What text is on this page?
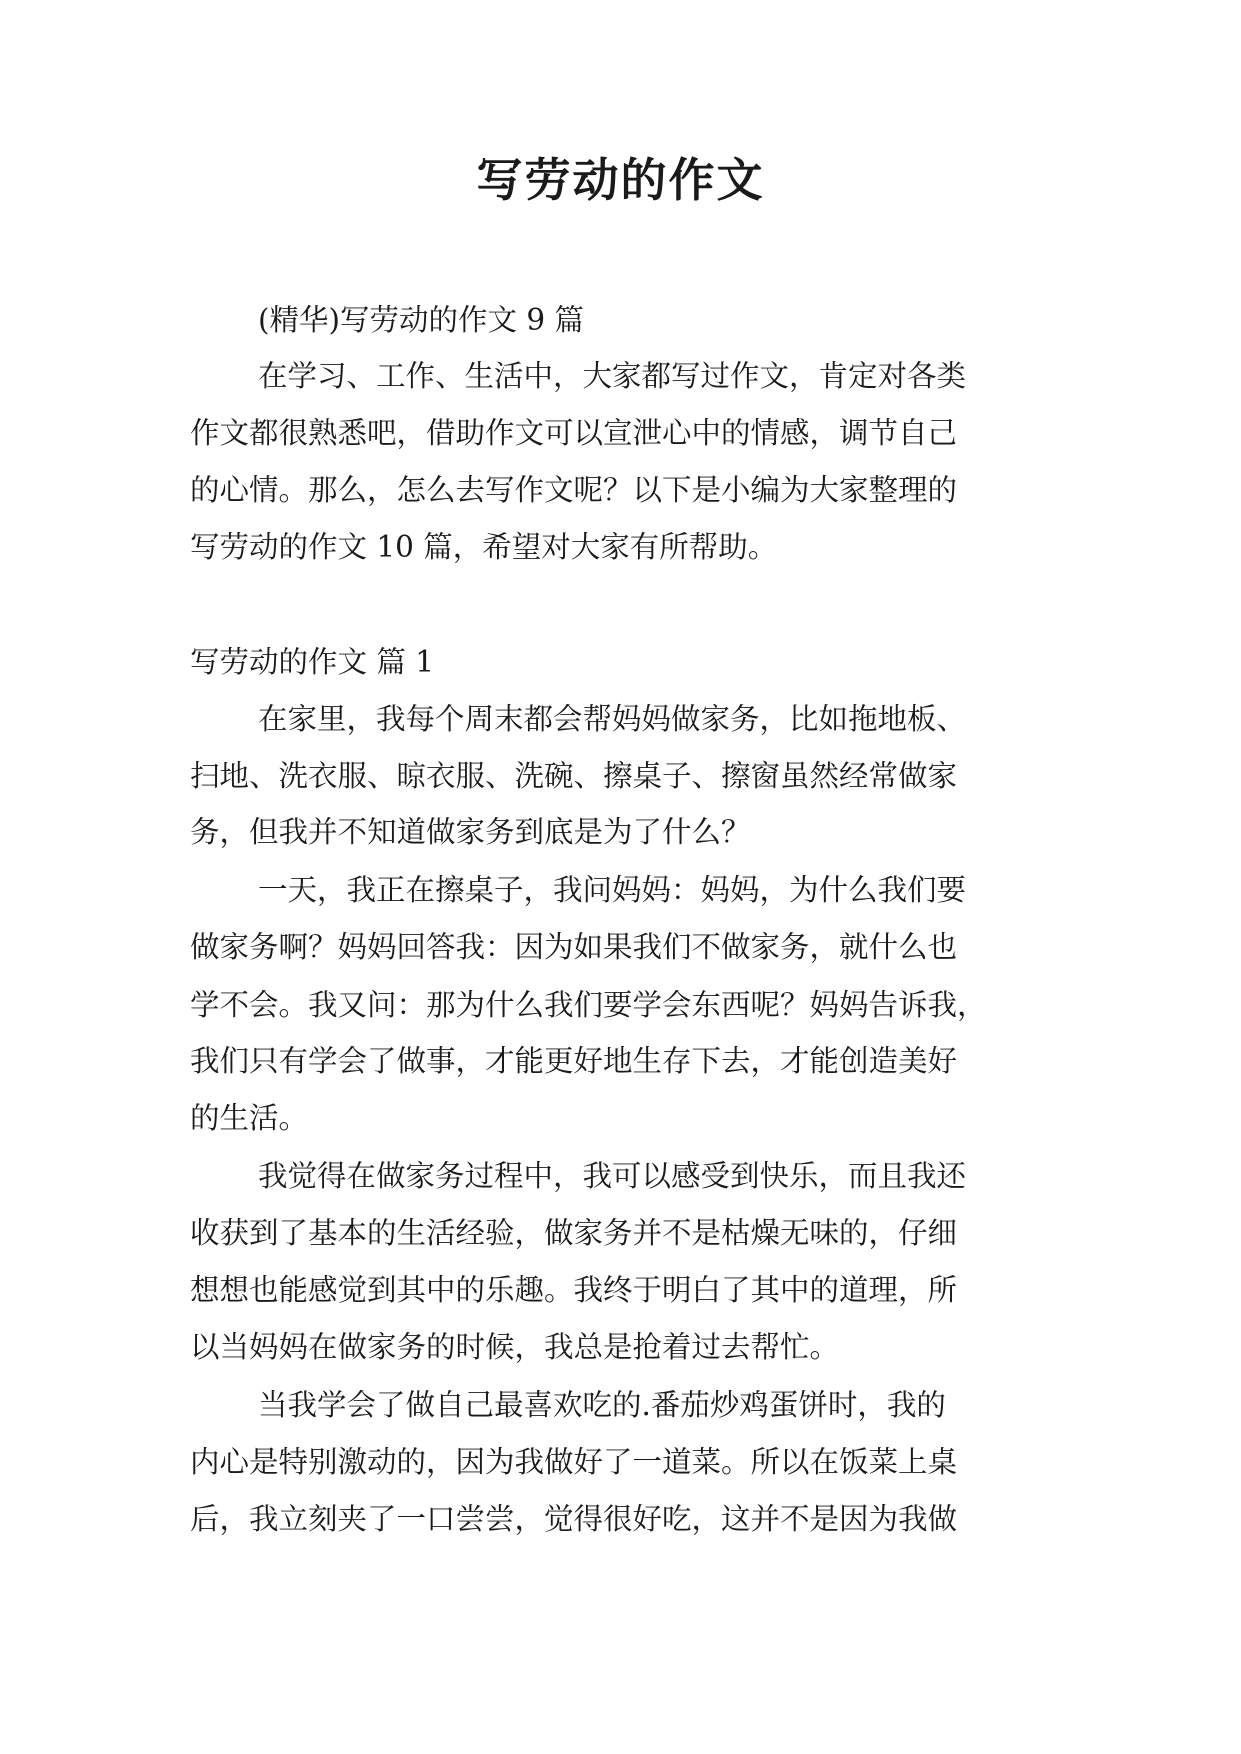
写劳动的作文

(精华)写劳动的作文 9 篇

在学习、工作、生活中，大家都写过作文，肯定对各类

作文都很熟悉吧，借助作文可以宣泄心中的情感，调节自己

的心情。那么，怎么去写作文呢？以下是小编为大家整理的

写劳动的作文 10 篇，希望对大家有所帮助。

写劳动的作文 篇 1

在家里，我每个周末都会帮妈妈做家务，比如拖地板、

扫地、洗衣服、晾衣服、洗碗、擦桌子、擦窗虽然经常做家

务，但我并不知道做家务到底是为了什么？

一天，我正在擦桌子，我问妈妈：妈妈，为什么我们要

做家务啊？妈妈回答我：因为如果我们不做家务，就什么也

学不会。我又问：那为什么我们要学会东西呢？妈妈告诉我，

我们只有学会了做事，才能更好地生存下去，才能创造美好

的生活。

我觉得在做家务过程中，我可以感受到快乐，而且我还

收获到了基本的生活经验，做家务并不是枯燥无味的，仔细

想想也能感觉到其中的乐趣。我终于明白了其中的道理，所

以当妈妈在做家务的时候，我总是抢着过去帮忙。

当我学会了做自己最喜欢吃的.番茄炒鸡蛋饼时，我的

内心是特别激动的，因为我做好了一道菜。所以在饭菜上桌

后，我立刻夹了一口尝尝，觉得很好吃，这并不是因为我做
